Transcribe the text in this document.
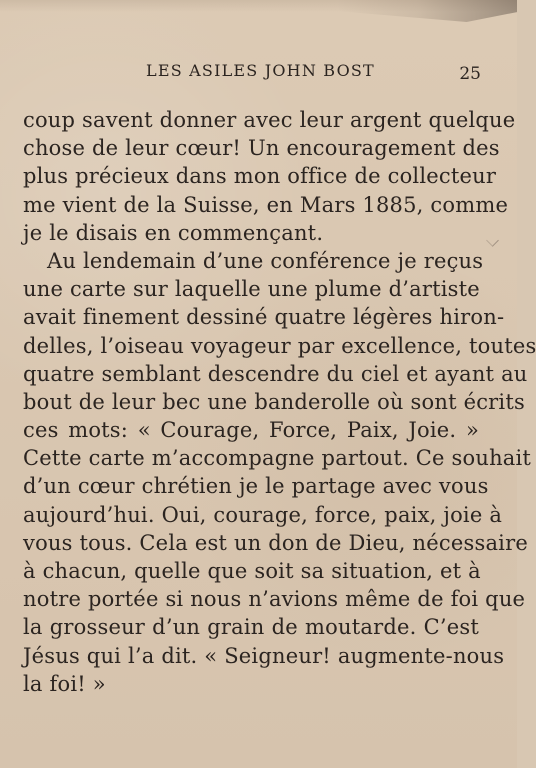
LES ASILES JOHN BOST	25
coup savent donner avec leur argent quelque
chose de leur cœur! Un encouragement des
plus précieux dans mon office de collecteur
me vient de la Suisse, en Mars 1885, comme
je le disais en commençant.
Au lendemain d’une conférence je reçus
une carte sur laquelle une plume d’artiste
avait finement dessiné quatre légères hiron-
delles, l’oiseau voyageur par excellence, toutes
quatre semblant descendre du ciel et ayant au
bout de leur bec une banderolle où sont écrits
ces mots: « Courage, Force, Paix, Joie. »
Cette carte m’accompagne partout. Ce souhait
d’un cœur chrétien je le partage avec vous
aujourd’hui. Oui, courage, force, paix, joie à
vous tous. Cela est un don de Dieu, nécessaire
à chacun, quelle que soit sa situation, et à
notre portée si nous n’avions même de foi que
la grosseur d’un grain de moutarde. C’est
Jésus qui l’a dit. « Seigneur! augmente-nous
la foi! »
